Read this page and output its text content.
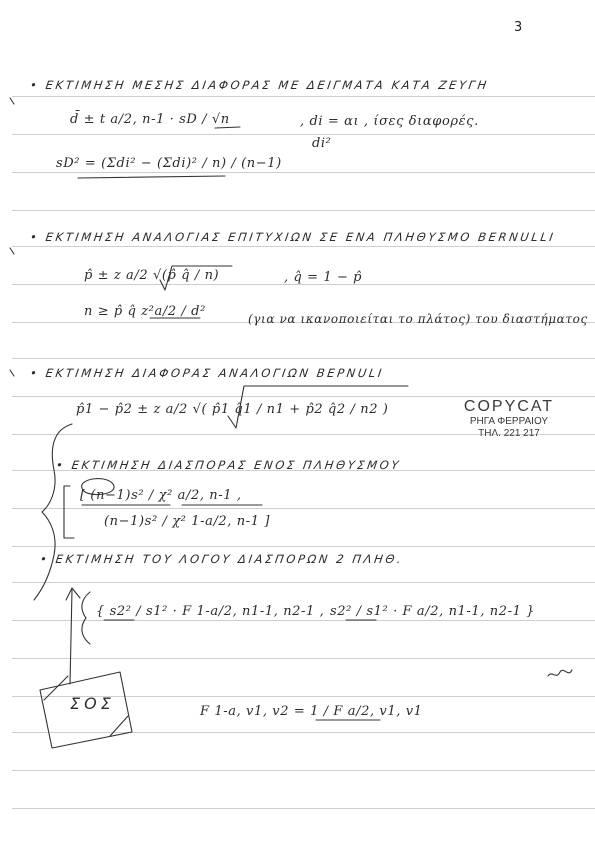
3
• ΕΚΤΙΜΗΣΗ ΜΕΣΗΣ ΔΙΑΦΟΡΑΣ ΜΕ ΔΕΙΓΜΑΤΑ ΚΑΤΑ ΖΕΥΓΗ
d̄ ± t a/2, n-1 · sD / √n	, di = αι , ίσες διαφορές.
di²
sD² = (Σdi² − (Σdi)² / n) / (n−1)
• ΕΚΤΙΜΗΣΗ ΑΝΑΛΟΓΙΑΣ ΕΠΙΤΥΧΙΩΝ ΣΕ ΕΝΑ ΠΛΗΘΥΣΜΟ BERNULLI
p̂ ± z a/2 √(p̂ q̂ / n)	, q̂ = 1 − p̂
n ≥ p̂ q̂ z²a/2 / d²	(για να ικανοποιείται το πλάτος) του διαστήματος
• ΕΚΤΙΜΗΣΗ ΔΙΑΦΟΡΑΣ ΑΝΑΛΟΓΙΩΝ ΒΕΡΝULI
p̂1 − p̂2 ± z a/2 √( p̂1 q̂1 / n1 + p̂2 q̂2 / n2 )
• ΕΚΤΙΜΗΣΗ ΔΙΑΣΠΟΡΑΣ ΕΝΟΣ ΠΛΗΘΥΣΜΟΥ
[ (n−1)s² / χ² a/2, n-1 ,
(n−1)s² / χ² 1-a/2, n-1 ]
• ΕΚΤΙΜΗΣΗ ΤΟΥ ΛΟΓΟΥ ΔΙΑΣΠΟΡΩΝ 2 ΠΛΗΘ.
{ s2² / s1² · F 1-a/2, n1-1, n2-1 , s2² / s1² · F a/2, n1-1, n2-1 }
F 1-a, v1, v2 = 1 / F a/2, v1, v1
ΣΟΣ
COPYCAT
ΡΗΓΑ ΦΕΡΡΑΙΟΥ
ΤΗΛ. 221 217
